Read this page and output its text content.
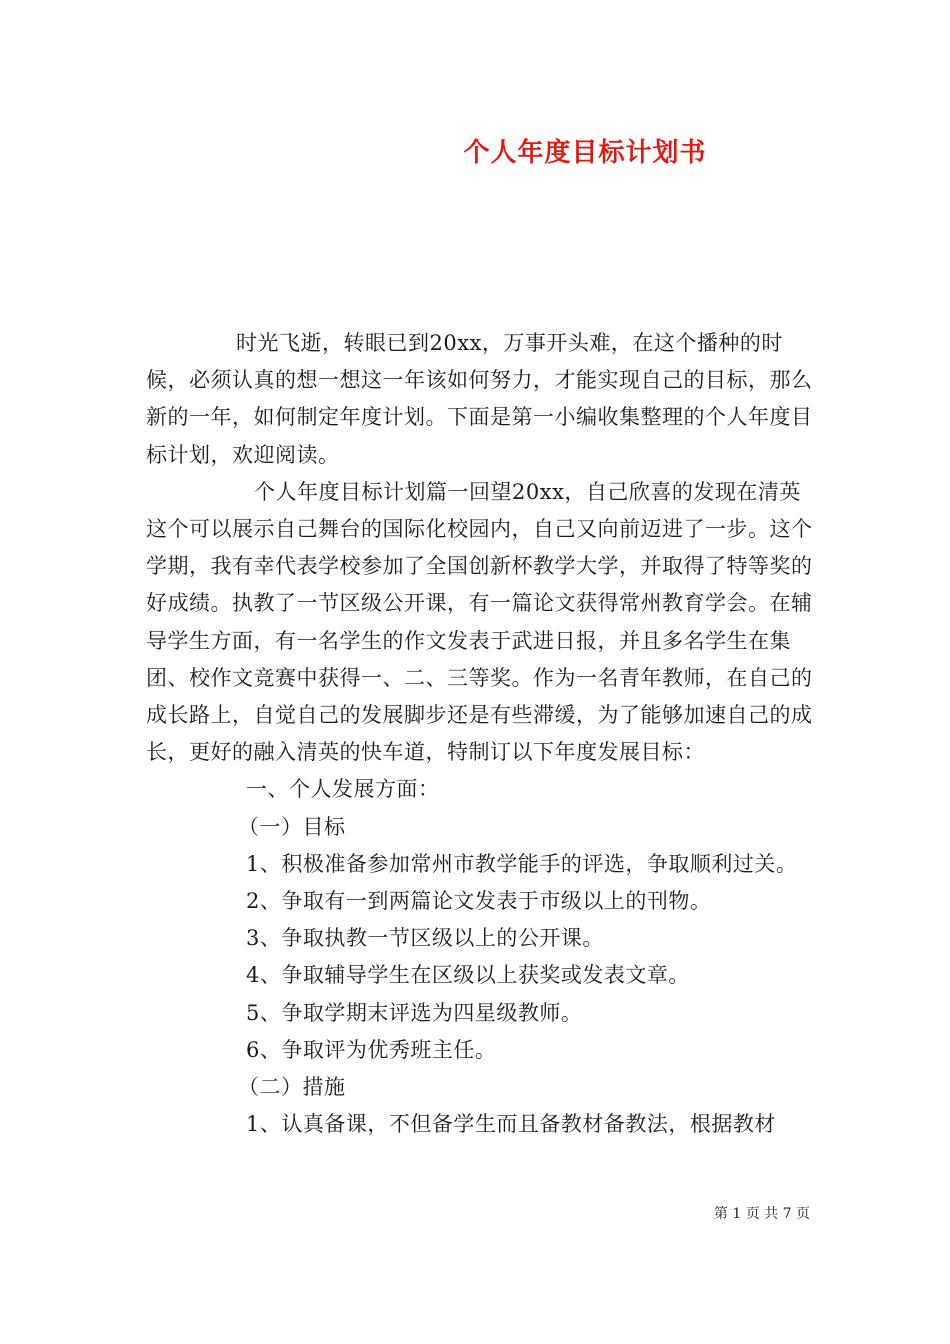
个人年度目标计划书

时光飞逝，转眼已到20xx，万事开头难，在这个播种的时候，必须认真的想一想这一年该如何努力，才能实现自己的目标，那么新的一年，如何制定年度计划。下面是第一小编收集整理的个人年度目标计划，欢迎阅读。

个人年度目标计划篇一回望20xx，自己欣喜的发现在清英这个可以展示自己舞台的国际化校园内，自己又向前迈进了一步。这个学期，我有幸代表学校参加了全国创新杯教学大学，并取得了特等奖的好成绩。执教了一节区级公开课，有一篇论文获得常州教育学会。在辅导学生方面，有一名学生的作文发表于武进日报，并且多名学生在集团、校作文竞赛中获得一、二、三等奖。作为一名青年教师，在自己的成长路上，自觉自己的发展脚步还是有些滞缓，为了能够加速自己的成长，更好的融入清英的快车道，特制订以下年度发展目标：

一、个人发展方面：

（一）目标

1、积极准备参加常州市教学能手的评选，争取顺利过关。

2、争取有一到两篇论文发表于市级以上的刊物。

3、争取执教一节区级以上的公开课。

4、争取辅导学生在区级以上获奖或发表文章。

5、争取学期末评选为四星级教师。

6、争取评为优秀班主任。

（二）措施

1、认真备课，不但备学生而且备教材备教法，根据教材

第 1 页 共 7 页
